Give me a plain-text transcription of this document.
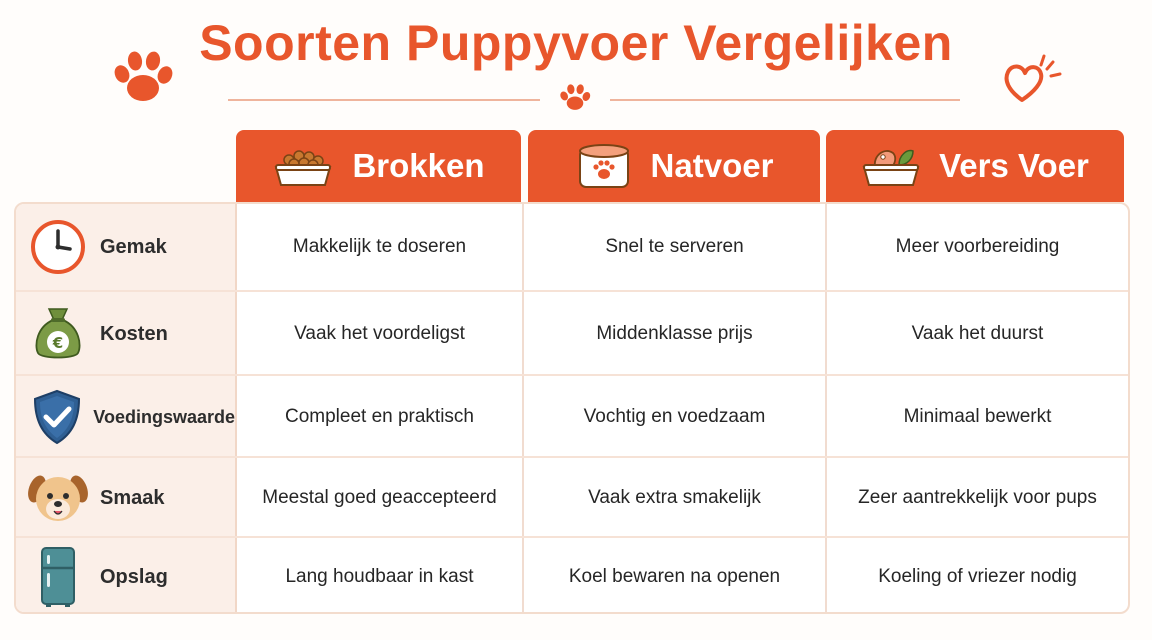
Soorten Puppyvoer Vergelijken
Brokken	Natvoer	Vers Voer
Gemak	Makkelijk te doseren	Snel te serveren	Meer voorbereiding
€ Kosten	Vaak het voordeligst	Middenklasse prijs	Vaak het duurst
Voedingswaarde	Compleet en praktisch	Vochtig en voedzaam	Minimaal bewerkt
Smaak	Meestal goed geaccepteerd	Vaak extra smakelijk	Zeer aantrekkelijk voor pups
Opslag	Lang houdbaar in kast	Koel bewaren na openen	Koeling of vriezer nodig
